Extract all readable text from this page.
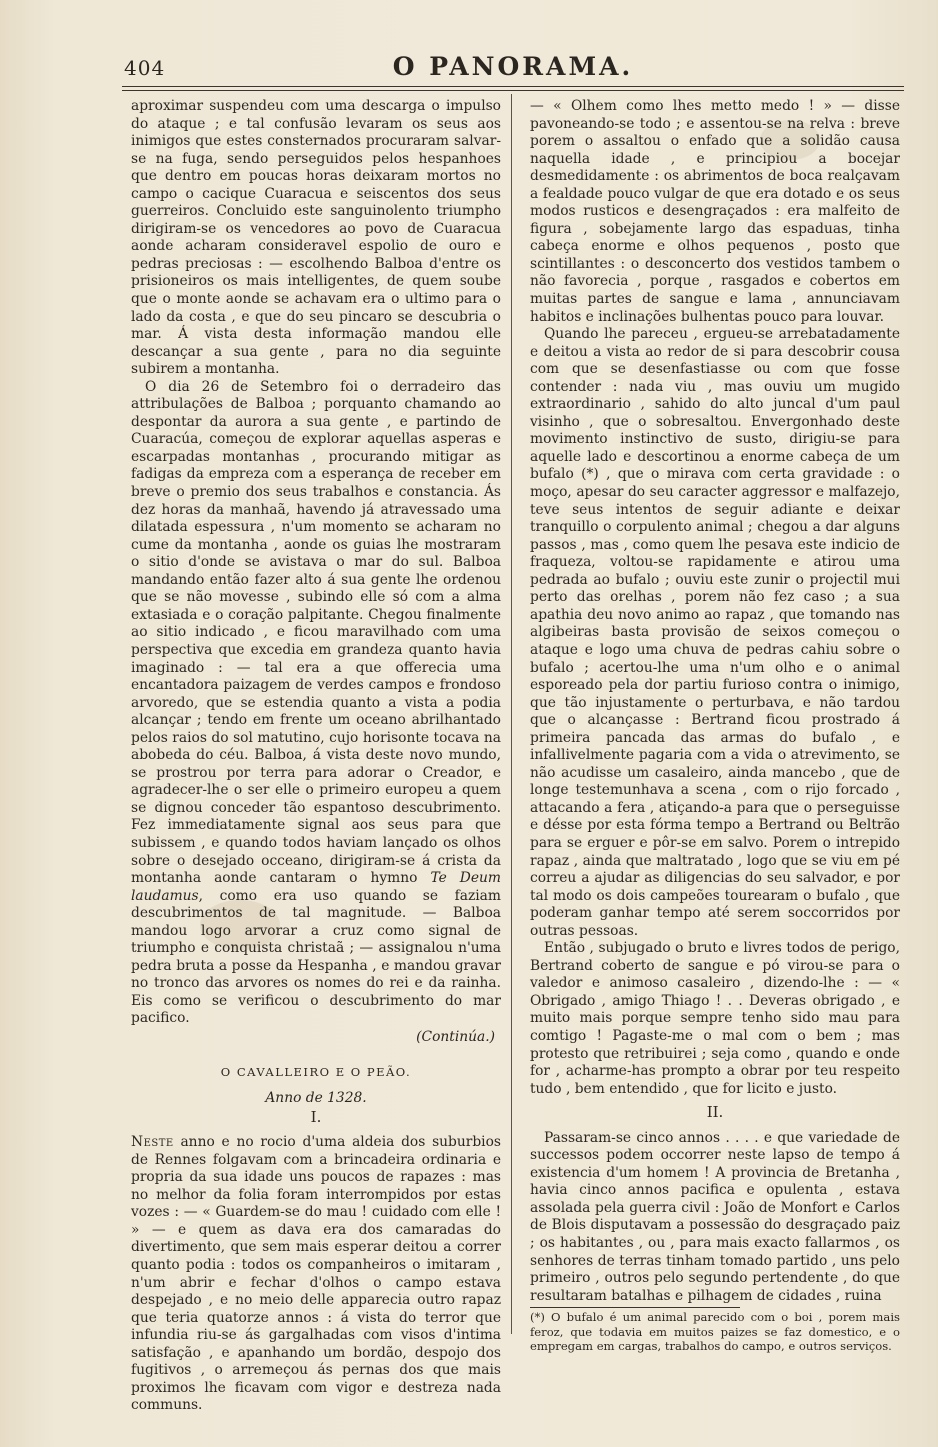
404	O PANORAMA.

aproximar suspendeu com uma descarga o impulso do ataque ; e tal confusão levaram os seus aos inimigos que estes consternados procuraram salvar-se na fuga, sendo perseguidos pelos hespanhoes que dentro em poucas horas deixaram mortos no campo o cacique Cuaracua e seiscentos dos seus guerreiros. Concluido este sanguinolento triumpho dirigiram-se os vencedores ao povo de Cuaracua aonde acharam consideravel espolio de ouro e pedras preciosas : — escolhendo Balboa d'entre os prisioneiros os mais intelligentes, de quem soube que o monte aonde se achavam era o ultimo para o lado da costa , e que do seu pincaro se descubria o mar. Á vista desta informação mandou elle descançar a sua gente , para no dia seguinte subirem a montanha.

O dia 26 de Setembro foi o derradeiro das attribulações de Balboa ; porquanto chamando ao despontar da aurora a sua gente , e partindo de Cuaracúa, começou de explorar aquellas asperas e escarpadas montanhas , procurando mitigar as fadigas da empreza com a esperança de receber em breve o premio dos seus trabalhos e constancia. Ás dez horas da manhaã, havendo já atravessado uma dilatada espessura , n'um momento se acharam no cume da montanha , aonde os guias lhe mostraram o sitio d'onde se avistava o mar do sul. Balboa mandando então fazer alto á sua gente lhe ordenou que se não movesse , subindo elle só com a alma extasiada e o coração palpitante. Chegou finalmente ao sitio indicado , e ficou maravilhado com uma perspectiva que excedia em grandeza quanto havia imaginado : — tal era a que offerecia uma encantadora paizagem de verdes campos e frondoso arvoredo, que se estendia quanto a vista a podia alcançar ; tendo em frente um oceano abrilhantado pelos raios do sol matutino, cujo horisonte tocava na abobeda do céu. Balboa, á vista deste novo mundo, se prostrou por terra para adorar o Creador, e agradecer-lhe o ser elle o primeiro europeu a quem se dignou conceder tão espantoso descubrimento. Fez immediatamente signal aos seus para que subissem , e quando todos haviam lançado os olhos sobre o desejado occeano, dirigiram-se á crista da montanha aonde cantaram o hymno Te Deum laudamus, como era uso quando se faziam descubrimentos de tal magnitude. — Balboa mandou logo arvorar a cruz como signal de triumpho e conquista christaã ; — assignalou n'uma pedra bruta a posse da Hespanha , e mandou gravar no tronco das arvores os nomes do rei e da rainha. Eis como se verificou o descubrimento do mar pacifico.

(Continúa.)
O CAVALLEIRO E O PEÃO.
Anno de 1328.
I.

Neste anno e no rocio d'uma aldeia dos suburbios de Rennes folgavam com a brincadeira ordinaria e propria da sua idade uns poucos de rapazes : mas no melhor da folia foram interrompidos por estas vozes : — « Guardem-se do mau ! cuidado com elle ! » — e quem as dava era dos camaradas do divertimento, que sem mais esperar deitou a correr quanto podia : todos os companheiros o imitaram , n'um abrir e fechar d'olhos o campo estava despejado , e no meio delle apparecia outro rapaz que teria quatorze annos : á vista do terror que infundia riu-se ás gargalhadas com visos d'intima satisfação , e apanhando um bordão, despojo dos fugitivos , o arremeçou ás pernas dos que mais proximos lhe ficavam com vigor e destreza nada communs.

— « Olhem como lhes metto medo ! » — disse pavoneando-se todo ; e assentou-se na relva : breve porem o assaltou o enfado que a solidão causa naquella idade , e principiou a bocejar desmedidamente : os abrimentos de boca realçavam a fealdade pouco vulgar de que era dotado e os seus modos rusticos e desengraçados : era malfeito de figura , sobejamente largo das espaduas, tinha cabeça enorme e olhos pequenos , posto que scintillantes : o desconcerto dos vestidos tambem o não favorecia , porque , rasgados e cobertos em muitas partes de sangue e lama , annunciavam habitos e inclinações bulhentas pouco para louvar.

Quando lhe pareceu , ergueu-se arrebatadamente e deitou a vista ao redor de si para descobrir cousa com que se desenfastiasse ou com que fosse contender : nada viu , mas ouviu um mugido extraordinario , sahido do alto juncal d'um paul visinho , que o sobresaltou. Envergonhado deste movimento instinctivo de susto, dirigiu-se para aquelle lado e descortinou a enorme cabeça de um bufalo (*) , que o mirava com certa gravidade : o moço, apesar do seu caracter aggressor e malfazejo, teve seus intentos de seguir adiante e deixar tranquillo o corpulento animal ; chegou a dar alguns passos , mas , como quem lhe pesava este indicio de fraqueza, voltou-se rapidamente e atirou uma pedrada ao bufalo ; ouviu este zunir o projectil mui perto das orelhas , porem não fez caso ; a sua apathia deu novo animo ao rapaz , que tomando nas algibeiras basta provisão de seixos começou o ataque e logo uma chuva de pedras cahiu sobre o bufalo ; acertou-lhe uma n'um olho e o animal esporeado pela dor partiu furioso contra o inimigo, que tão injustamente o perturbava, e não tardou que o alcançasse : Bertrand ficou prostrado á primeira pancada das armas do bufalo , e infallivelmente pagaria com a vida o atrevimento, se não acudisse um casaleiro, ainda mancebo , que de longe testemunhava a scena , com o rijo forcado , attacando a fera , atiçando-a para que o perseguisse e désse por esta fórma tempo a Bertrand ou Beltrão para se erguer e pôr-se em salvo. Porem o intrepido rapaz , ainda que maltratado , logo que se viu em pé correu a ajudar as diligencias do seu salvador, e por tal modo os dois campeões tourearam o bufalo , que poderam ganhar tempo até serem soccorridos por outras pessoas.

Então , subjugado o bruto e livres todos de perigo, Bertrand coberto de sangue e pó virou-se para o valedor e animoso casaleiro , dizendo-lhe : — « Obrigado , amigo Thiago ! . . Deveras obrigado , e muito mais porque sempre tenho sido mau para comtigo ! Pagaste-me o mal com o bem ; mas protesto que retribuirei ; seja como , quando e onde for , acharme-has prompto a obrar por teu respeito tudo , bem entendido , que for licito e justo.

II.

Passaram-se cinco annos . . . . e que variedade de successos podem occorrer neste lapso de tempo á existencia d'um homem ! A provincia de Bretanha , havia cinco annos pacifica e opulenta , estava assolada pela guerra civil : João de Monfort e Carlos de Blois disputavam a possessão do desgraçado paiz ; os habitantes , ou , para mais exacto fallarmos , os senhores de terras tinham tomado partido , uns pelo primeiro , outros pelo segundo pertendente , do que resultaram batalhas e pilhagem de cidades , ruina

(*) O bufalo é um animal parecido com o boi , porem mais feroz, que todavia em muitos paizes se faz domestico, e o empregam em cargas, trabalhos do campo, e outros serviços.
